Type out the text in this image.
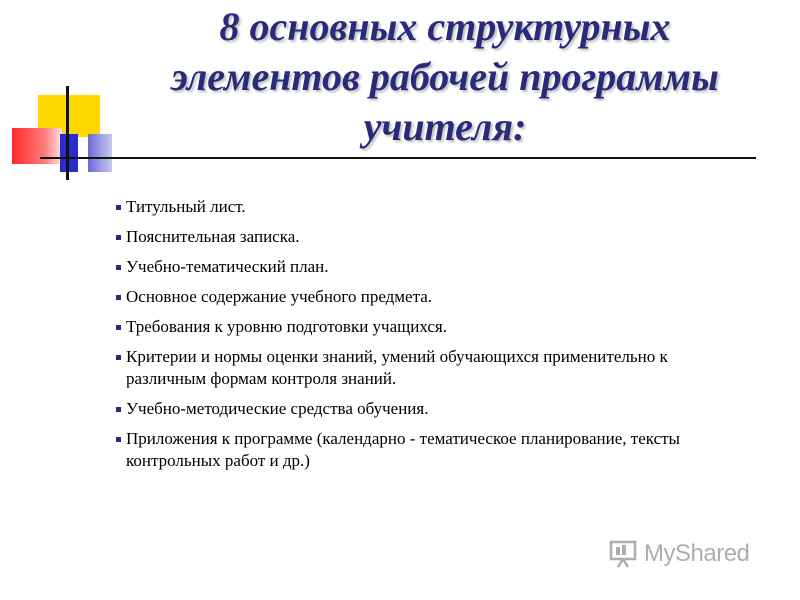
8 основных структурных
элементов рабочей программы
учителя:
Титульный лист.
Пояснительная записка.
Учебно-тематический план.
Основное содержание учебного предмета.
Требования к уровню подготовки учащихся.
Критерии и нормы оценки знаний, умений обучающихся применительно к различным формам контроля знаний.
Учебно-методические средства обучения.
Приложения к программе (календарно - тематическое планирование, тексты контрольных работ и др.)
MyShared
